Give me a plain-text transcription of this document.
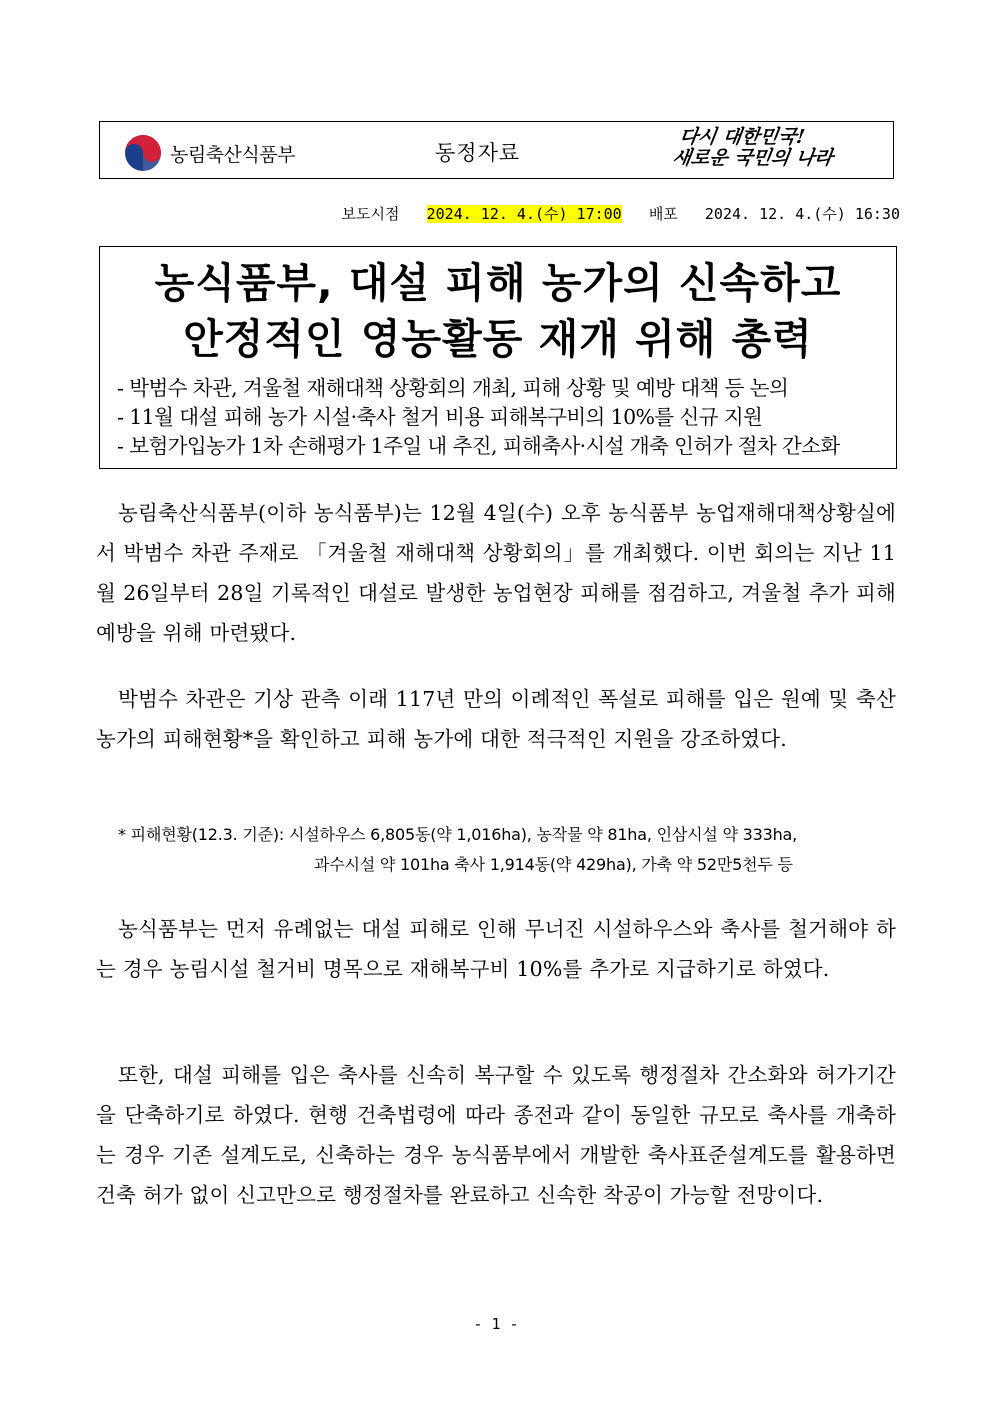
농림축산식품부	동정자료
다시 대한민국!
새로운 국민의 나라
보도시점 2024. 12. 4.(수) 17:00 배포 2024. 12. 4.(수) 16:30
농식품부, 대설 피해 농가의 신속하고
안정적인 영농활동 재개 위해 총력
- 박범수 차관, 겨울철 재해대책 상황회의 개최, 피해 상황 및 예방 대책 등 논의
- 11월 대설 피해 농가 시설·축사 철거 비용 피해복구비의 10%를 신규 지원
- 보험가입농가 1차 손해평가 1주일 내 추진, 피해축사·시설 개축 인허가 절차 간소화
농림축산식품부(이하 농식품부)는 12월 4일(수) 오후 농식품부 농업재해대책상황실에서 박범수 차관 주재로 「겨울철 재해대책 상황회의」를 개최했다. 이번 회의는 지난 11월 26일부터 28일 기록적인 대설로 발생한 농업현장 피해를 점검하고, 겨울철 추가 피해 예방을 위해 마련됐다.
박범수 차관은 기상 관측 이래 117년 만의 이례적인 폭설로 피해를 입은 원예 및 축산농가의 피해현황*을 확인하고 피해 농가에 대한 적극적인 지원을 강조하였다.
* 피해현황(12.3. 기준): 시설하우스 6,805동(약 1,016ha), 농작물 약 81ha, 인삼시설 약 333ha,
과수시설 약 101ha 축사 1,914동(약 429ha), 가축 약 52만5천두 등
농식품부는 먼저 유례없는 대설 피해로 인해 무너진 시설하우스와 축사를 철거해야 하는 경우 농림시설 철거비 명목으로 재해복구비 10%를 추가로 지급하기로 하였다.
또한, 대설 피해를 입은 축사를 신속히 복구할 수 있도록 행정절차 간소화와 허가기간을 단축하기로 하였다. 현행 건축법령에 따라 종전과 같이 동일한 규모로 축사를 개축하는 경우 기존 설계도로, 신축하는 경우 농식품부에서 개발한 축사표준설계도를 활용하면 건축 허가 없이 신고만으로 행정절차를 완료하고 신속한 착공이 가능할 전망이다.
- 1 -
